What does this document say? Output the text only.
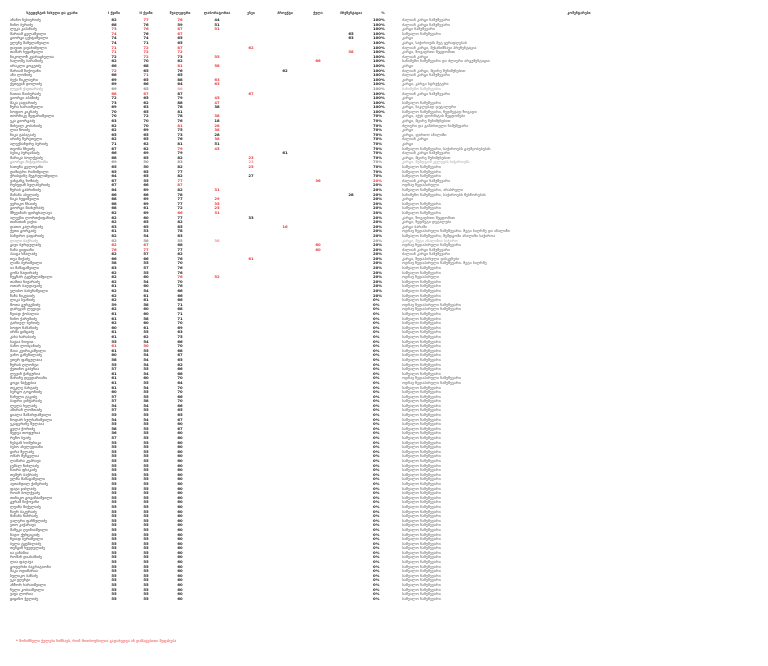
სტუდენტის სახელი და გვარი	I ქვიზი	II ქვიზი	შუალედური	ლაბორატორია	ესეი	პროექტი	ქულა	პრეზენტაცია	%	კომენტარები
ანანო ნებიერიძე	62	77	76	44					100%	ძალიან კარგი ნამუშევარი
ნინო ბერიძე	68	76	59	51					100%	ძალიან კარგი ნამუშევარი
ლუკა კაპანაძე	73	76	87	51					100%	კარგი ნამუშევარი
მარიამ გელაშვილი	74	76	67					65	100%	საშუალო ნამუშევარი
გიორგი ცქიტიშვილი	74	74	65					63	100%	კარგი
ელენე მამულაშვილი	74	71	65						100%	კარგი, საჭიროებს მეტ ყურადღებას
დავით ჯავახიშვილი	71	72	87		62				100%	ძალიან კარგი, შესანიშნავი პრეზენტაცია
თამარ ხუციშვილი	71	72	72					58	100%	კარგი, ზოგიერთი შეცდომით
ნიკოლოზ კვარაცხელია	72	72	73	55					100%	ძალიან კარგი
სალომე ბარამიძე	62	70	62				66		100%	სანიმუშო ნამუშევარი და ძლიერი არგუმენტაცია
ირაკლი გოგუაძე	66	68	81	58					100%	კარგი
მარიამ ჩიქოვანი	72	65	76			62			100%	ძალიან კარგი, მცირე შენიშვნებით
ანა ლომიძე	66	71	65						100%	ძალიან კარგი ნამუშევარი
ბექა წიკლაური	69	65	88	63					100%	კარგი
ქეთევან დოლიძე	69	66	64	63					100%	კარგი, კარგი სტრუქტურა
ლევან ქავთარაძე	69	65	86						100%	სანიმუშო ნამუშევარი
ნათია მაისურაძე	68	67	87		67				100%	ძალიან კარგი ნამუშევარი
გიორგი აბაშიძე	72	65	79	45					100%	კარგი
მაკა ჯაფარიძე	73	62	88	47					100%	საშუალო ნამუშევარი
ზურა ხარაიშვილი	69	63	78	38					100%	კარგი, ნაკლებად დეტალური
სოფიო კიკნაძე	70	65	81						100%	საშუალო ნამუშევარი, ზედმეტად ზოგადი
თორნიკე მეფარიშვილი	70	72	78	38					70%	კარგი, აქვს ფორმატის შეცდომები
ეკა გიორგაძე	63	70	76	18					70%	კარგი, მცირე შენიშვნებით
მიხეილ კობახიძე	62	70	81	28					70%	ძლიერი და გამართული ნამუშევარი
ლია ზოიძე	62	69	75	38					70%	კარგი
ნიკა ტაბატაძე	65	65	73	28					70%	კარგი, ფართო ანალიზი
ირინე წერეთელი	62	65	76	38					70%	ძალიან კარგი
ალექსანდრე ბერიძე	71	62	81	51					70%	კარგი
თეონა ჩხეიძე	67	62	79	45					70%	საშუალო ნამუშევარი, საჭიროებს გაუმჯობესებას
ბესიკ ბურჯანაძე	66	69	79			61			70%	ძალიან კარგი ნამუშევარი
მარიკა ბოლქვაძე	68	65	82		23				70%	კარგი, მცირე შენიშვნებით
გიორგი მაჭავარიანი	69	50	83		23				70%	კარგი, შემდგომ კვლევას საჭიროებს
ხათუნა გელოვანი	65	50	82		25				70%	საშუალო ნამუშევარი
დიმიტრი რამიშვილი	65	65	77						70%	საშუალო ნამუშევარი
ქრისტინე მეგრელიშვილი	64	65	82		27				70%	საშუალო ნამუშევარი
ვახტანგ ნოზაძე	67	55	77				36		20%	ძალიან კარგი ნამუშევარი
რუსუდან სულაბერიძე	67	66	87						20%	ოდნავ ზედაპირული
ზურაბ გაბრიჩიძე	64	69	82	31					20%	საშუალო ნამუშევარი, არასრული
მანანა აბულაძე	66	66	78					28	20%	სანიმუშო ნამუშევარი, საჭიროებს შესწორებას
ნიკა ხუციშვილი	68	69	77	29					20%	კარგი
ვერიკო ჩხაიძე	68	69	77	35					20%	საშუალო ნამუშევარი
გიორგი მაისურაძე	68	61	72	25					20%	საშუალო ნამუშევარი
მზევინარ ფირცხალავა	62	69	66	31					20%	საშუალო ნამუშევარი
ალექსი ლორთქიფანიძე	62	60	77		33				20%	კარგი, ზოგიერთი შეცდომით
თინათინ ჯიქია	62	65	82						20%	კარგი, ზედმეტი დეტალები
დათო კალანდაძე	63	65	85			16			20%	კარგი ბარამი
ქეთი გორგაძე	61	53	78						20%	ოდნავ ზედაპირული ნამუშევარი. მეტი სიღრმე და ანალიზი
სანდრო ჯაფარიძე	62	54	63						20%	საშუალო ნამუშევარი, შემდგომი ანალიზი საჭიროა
ლალი ბაქრაძე	62	58	55	38					20%	კარგი, მეტი ანალიზია საჭირო
გივი ბურდულაძე	62	67	68				60		20%	ოდნავ ზედაპირული ნამუშევარი
ნანა ყიფიანი	76	77	77				60		20%	ძალიან კარგი ნამუშევარი
პაატა ხმალაძე	62	57	62						20%	ძალიან კარგი ნამუშევარი
თეა მიქაძე	66	66	76		61				20%	კარგი, ზედაპირული დასკვნები
ლაშა ბერიშვილი	58	55	70						20%	ოდნავ ზედაპირული ნამუშევარი. მეტი სიღრმე
ია მამაცაშვილი	63	57	76						20%	საშუალო ნამუშევარი
გოჩა ნადირაძე	62	55	76						20%	საშუალო ნამუშევარი
ნუგზარ ტყეშელაშვილი	62	60	76	52					20%	ოდნავ ზედაპირული
თამთა ნიჟარაძე	62	54	70						20%	საშუალო ნამუშევარი
ოთარ ბაღდავაძე	61	60	76						20%	საშუალო ნამუშევარი
ელისო ბაბუნაშვილი	62	54	66						20%	საშუალო ნამუშევარი
ზაზა ჩიკვაიძე	62	61	66						20%	საშუალო ნამუშევარი
ლიკა სვანიძე	62	61	66						0%	საშუალო ნამუშევარი
შოთა გურგენიძე	59	58	71						0%	ოდნავ ზედაპირული ნამუშევარი
დარეჯან ლეჟავა	62	60	68						0%	ოდნავ ზედაპირული ნამუშევარი
ზვიად ქობალია	61	60	71						0%	საშუალო ნამუშევარი
ნინო ქარუმიძე	61	58	71						0%	საშუალო ნამუშევარი
ტარიელ ბერიძე	62	60	70						0%	საშუალო ნამუშევარი
სოფო ჩაჩანიძე	60	61	69						0%	საშუალო ნამუშევარი
ირმა ცინცაძე	61	55	63						0%	საშუალო ნამუშევარი
კახა ხარაბაძე	61	62	75						0%	საშუალო ნამუშევარი
ხატია ნოდია	55	54	66						0%	საშუალო ნამუშევარი
ბაჩო ლობჯანიძე	61	50	70						0%	საშუალო ნამუშევარი
მაია კვირიკაშვილი	61	55	68						0%	საშუალო ნამუშევარი
ვანო გაჩეჩილაძე	60	54	67						0%	საშუალო ნამუშევარი
ეთერ ფანცულაია	58	54	65						0%	საშუალო ნამუშევარი
ზურაბ ღლონტი	55	54	62						0%	საშუალო ნამუშევარი
ქეთინო გაბუნია	57	55	66						0%	საშუალო ნამუშევარი
ლევან ჭანტურია	61	54	66						0%	საშუალო ნამუშევარი
მარინე დევდარიანი	61	60	70						0%	ოდნავ ზედაპირული ნამუშევარი
გოგი ნაჭყებია	61	55	64						0%	ოდნავ ზედაპირული ნამუშევარი
თეკლე ბახტაძე	61	54	70						0%	საშუალო ნამუშევარი
სერგო ტოგონიძე	60	55	70						0%	საშუალო ნამუშევარი
ნანული ტაკიძე	57	55	66						0%	საშუალო ნამუშევარი
ბადრი ჯინჭარაძე	57	58	70						0%	საშუალო ნამუშევარი
ლელა ხელაძე	54	54	66						0%	საშუალო ნამუშევარი
ამირან ლომთაძე	57	55	65						0%	საშუალო ნამუშევარი
ციალა მამარდაშვილი	55	55	65						0%	საშუალო ნამუშევარი
ნოდარ სულხანიშვილი	54	54	67						0%	საშუალო ნამუშევარი
ეკატერინე წულაია	55	55	60						0%	საშუალო ნამუშევარი
გელა ქორიძე	58	55	67						0%	საშუალო ნამუშევარი
მედეა თოფურია	56	55	60						0%	საშუალო ნამუშევარი
რეზო ბუაძე	57	55	60						0%	საშუალო ნამუშევარი
ნესტან ხომერიკი	55	55	60						0%	საშუალო ნამუშევარი
ბესო ახვლედიანი	55	55	60						0%	საშუალო ნამუშევარი
ცირა მელაძე	55	55	60						0%	საშუალო ნამუშევარი
ომარ შენგელია	55	55	60						0%	საშუალო ნამუშევარი
ლამარა კუპრავა	55	55	60						0%	საშუალო ნამუშევარი
ჯემალ ჩიხლაძე	55	55	60						0%	საშუალო ნამუშევარი
ნაირა ფხაკაძე	55	55	60						0%	საშუალო ნამუშევარი
თემურ ბაქრაძე	55	55	60						0%	საშუალო ნამუშევარი
ელზა მამაცაშვილი	55	55	60						0%	საშუალო ნამუშევარი
ავთანდილ ქიმერიძე	55	55	60						0%	საშუალო ნამუშევარი
ფატი ჯიბლაძე	55	55	60						0%	საშუალო ნამუშევარი
როინ ბოლქვაძე	55	55	60						0%	საშუალო ნამუშევარი
თინიკო გოგიჩაიშვილი	55	55	60						0%	საშუალო ნამუშევარი
გურამ ჩიქოვანი	55	55	60						0%	საშუალო ნამუშევარი
ლუიზა მიქელაძე	55	55	60						0%	საშუალო ნამუშევარი
ზაურ ბაკურაძე	55	55	60						0%	საშუალო ნამუშევარი
მანანა ჩიხრაძე	55	55	60						0%	საშუალო ნამუშევარი
ვალერი ფანჩულიძე	55	55	60						0%	საშუალო ნამუშევარი
ეთო კაჭარავა	55	55	60						0%	საშუალო ნამუშევარი
მამუკა ღვინიაშვილი	55	55	60						0%	საშუალო ნამუშევარი
ნატო ქურციკიძე	55	55	60						0%	საშუალო ნამუშევარი
ზვიად ბერიშვილი	55	55	60						0%	საშუალო ნამუშევარი
ბელა ტყემალაძე	55	55	60						0%	საშუალო ნამუშევარი
თენგიზ ხვედელიძე	55	55	60						0%	საშუალო ნამუშევარი
ია ჯანაშია	55	55	60						0%	საშუალო ნამუშევარი
რომან დიასამიძე	55	55	60						0%	საშუალო ნამუშევარი
ლია ფაღავა	55	55	60						0%	საშუალო ნამუშევარი
გოდერძი ბაგრატიონი	55	55	60						0%	საშუალო ნამუშევარი
მაკა ოდიშარია	55	55	60						0%	საშუალო ნამუშევარი
სულიკო ბაზაძე	55	55	60						0%	საშუალო ნამუშევარი
ეკა ჟღენტი	55	55	60						0%	საშუალო ნამუშევარი
ანზორ ხარაიშვილი	55	55	60						0%	საშუალო ნამუშევარი
ნელი კობიაშვილი	55	55	60						0%	საშუალო ნამუშევარი
ვაჟა ლორია	55	55	60						0%	საშუალო ნამუშევარი
ციცინო ჭელიძე	55	55	60						0%	საშუალო ნამუშევარი
* მონიშნული ქულები ნიშნავს, რომ მოთხოვნილია გადახედვა ან დამატებითი შეფასება
